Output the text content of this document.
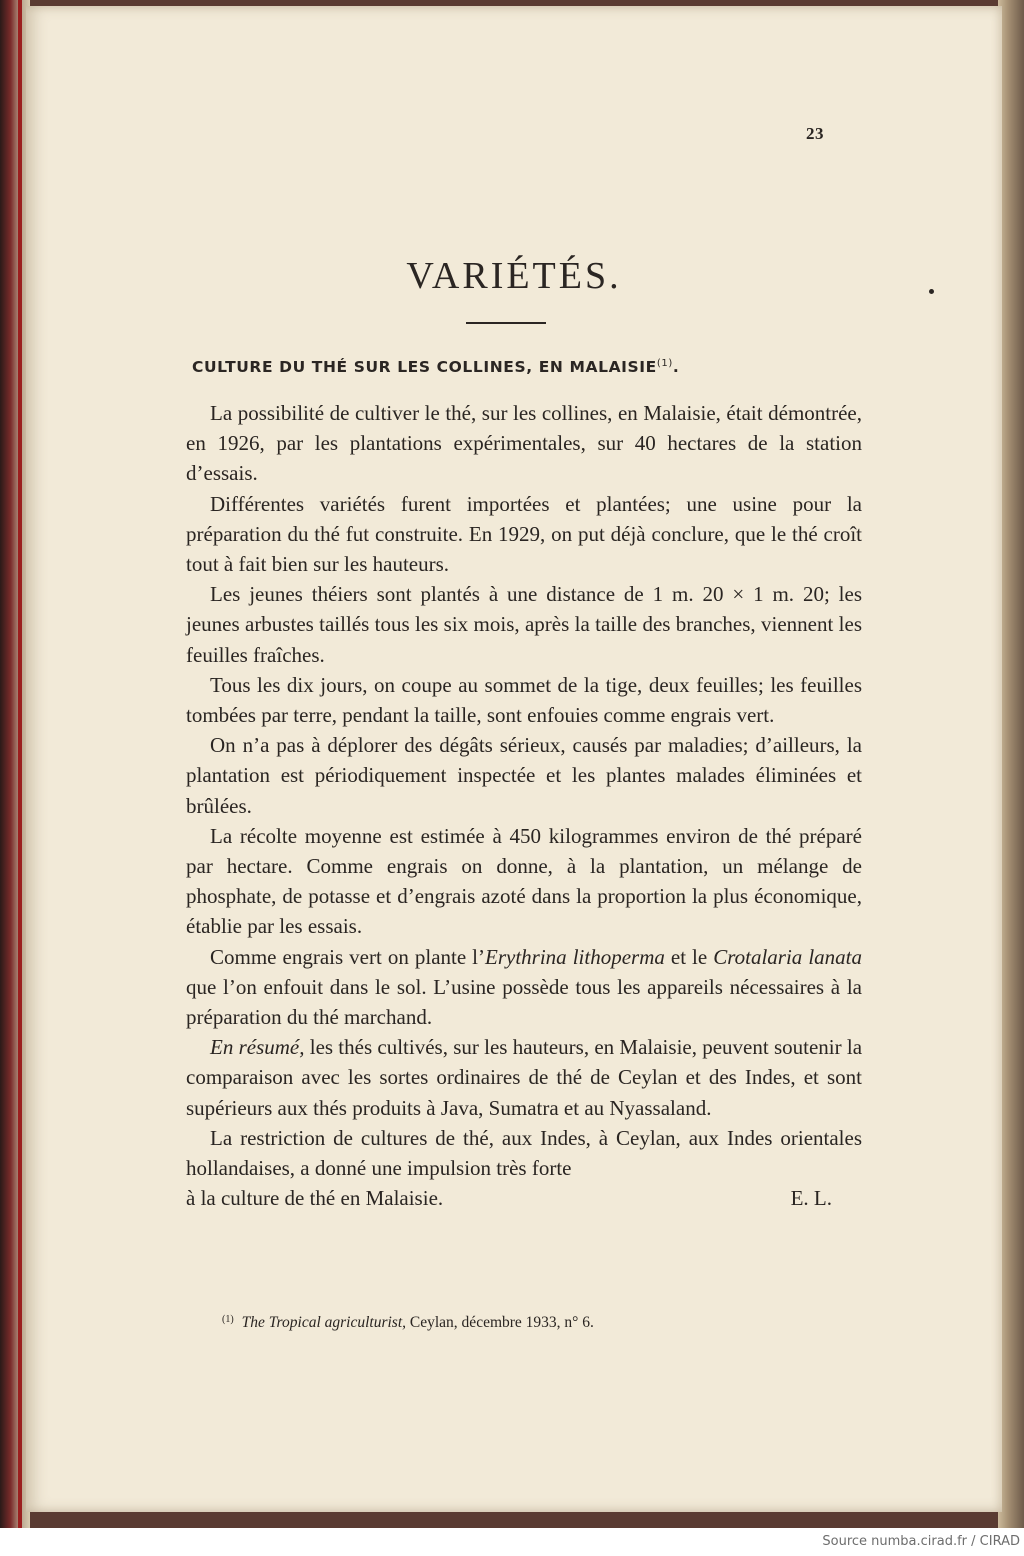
23
VARIÉTÉS.
CULTURE DU THÉ SUR LES COLLINES, EN MALAISIE$^{(1)}$.

La possibilité de cultiver le thé, sur les collines, en Malaisie, était démontrée, en 1926, par les plantations expérimentales, sur 40 hectares de la station d’essais.

Différentes variétés furent importées et plantées; une usine pour la préparation du thé fut construite. En 1929, on put déjà conclure, que le thé croît tout à fait bien sur les hauteurs.

Les jeunes théiers sont plantés à une distance de 1 m. 20 × 1 m. 20; les jeunes arbustes taillés tous les six mois, après la taille des branches, viennent les feuilles fraîches.

Tous les dix jours, on coupe au sommet de la tige, deux feuilles; les feuilles tombées par terre, pendant la taille, sont enfouies comme engrais vert.

On n’a pas à déplorer des dégâts sérieux, causés par maladies; d’ailleurs, la plantation est périodiquement inspectée et les plantes malades éliminées et brûlées.

La récolte moyenne est estimée à 450 kilogrammes environ de thé préparé par hectare. Comme engrais on donne, à la plantation, un mélange de phosphate, de potasse et d’engrais azoté dans la proportion la plus économique, établie par les essais.

Comme engrais vert on plante l’Erythrina lithoperma et le Crotalaria lanata que l’on enfouit dans le sol. L’usine possède tous les appareils nécessaires à la préparation du thé marchand.

En résumé, les thés cultivés, sur les hauteurs, en Malaisie, peuvent soutenir la comparaison avec les sortes ordinaires de thé de Ceylan et des Indes, et sont supérieurs aux thés produits à Java, Sumatra et au Nyassaland.

La restriction de cultures de thé, aux Indes, à Ceylan, aux Indes orientales hollandaises, a donné une impulsion très forte

à la culture de thé en Malaisie.	E. L.
$^{(1)}$ The Tropical agriculturist, Ceylan, décembre 1933, n° 6.
Source numba.cirad.fr / CIRAD
